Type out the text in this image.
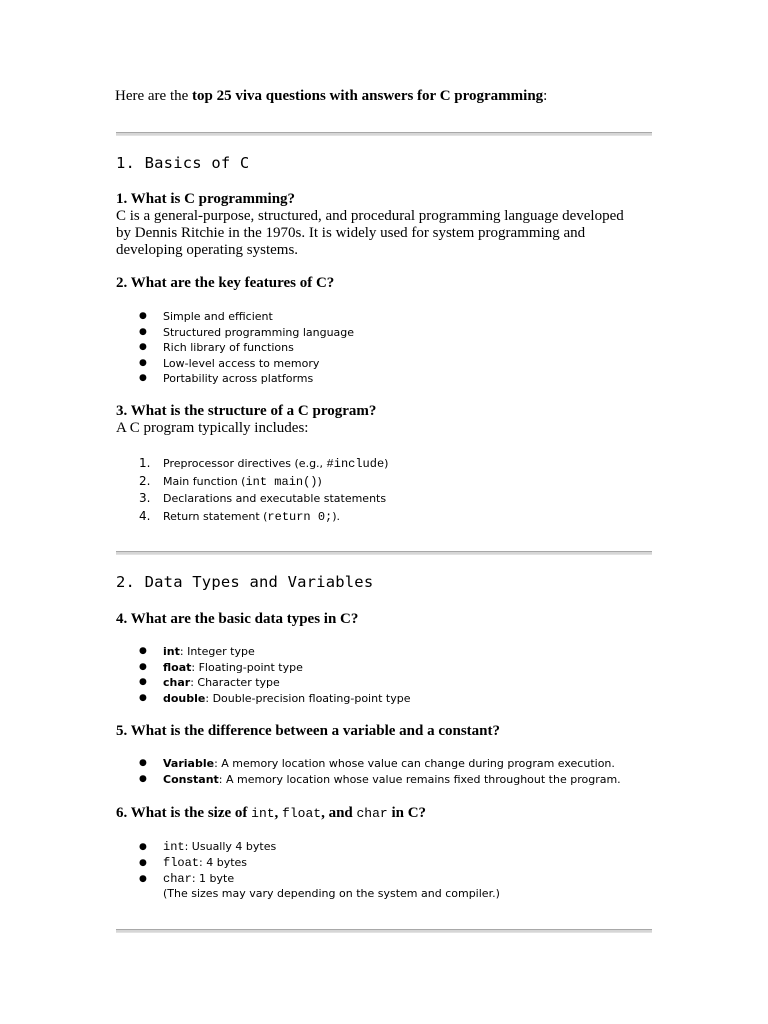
Here are the top 25 viva questions with answers for C programming:
1. Basics of C
1. What is C programming?
C is a general-purpose, structured, and procedural programming language developed
by Dennis Ritchie in the 1970s. It is widely used for system programming and
developing operating systems.
2. What are the key features of C?
● Simple and efficient
● Structured programming language
● Rich library of functions
● Low-level access to memory
● Portability across platforms
3. What is the structure of a C program?
A C program typically includes:
1. Preprocessor directives (e.g., #include)
2. Main function (int main())
3. Declarations and executable statements
4. Return statement (return 0;).
2. Data Types and Variables
4. What are the basic data types in C?
● int: Integer type
● float: Floating-point type
● char: Character type
● double: Double-precision floating-point type
5. What is the difference between a variable and a constant?
● Variable: A memory location whose value can change during program execution.
● Constant: A memory location whose value remains fixed throughout the program.
6. What is the size of int, float, and char in C?
● int: Usually 4 bytes
● float: 4 bytes
● char: 1 byte
(The sizes may vary depending on the system and compiler.)
